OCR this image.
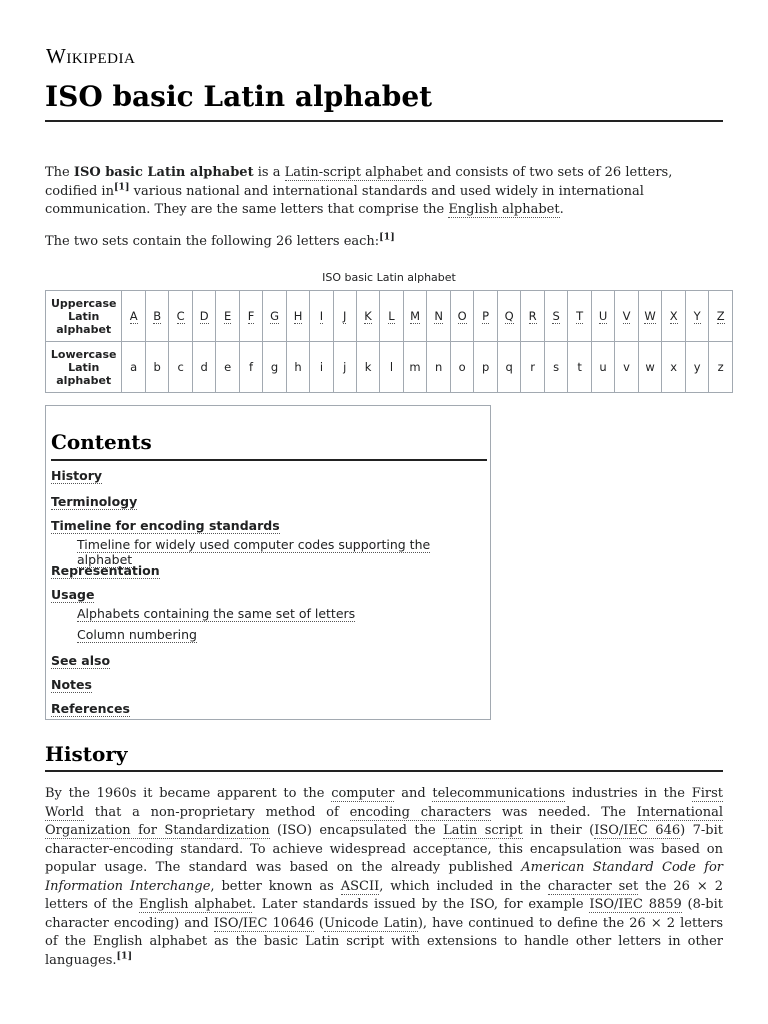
Wikipedia
ISO basic Latin alphabet

The ISO basic Latin alphabet is a Latin-script alphabet and consists of two sets of 26 letters, codified in[1] various national and international standards and used widely in international communication. They are the same letters that comprise the English alphabet.

The two sets contain the following 26 letters each:[1]

ISO basic Latin alphabet
Uppercase Latin alphabet	A	B	C	D	E	F	G	H	I	J	K	L	M	N	O	P	Q	R	S	T	U	V	W	X	Y	Z
Lowercase Latin alphabet	a	b	c	d	e	f	g	h	i	j	k	l	m	n	o	p	q	r	s	t	u	v	w	x	y	z
Contents
History
Terminology
Timeline for encoding standards
Timeline for widely used computer codes supporting the alphabet
Representation
Usage
Alphabets containing the same set of letters
Column numbering
See also
Notes
References
History

By the 1960s it became apparent to the computer and telecommunications industries in the First World that a non-proprietary method of encoding characters was needed. The International Organization for Standardization (ISO) encapsulated the Latin script in their (ISO/IEC 646) 7-bit character-encoding standard. To achieve widespread acceptance, this encapsulation was based on popular usage. The standard was based on the already published American Standard Code for Information Interchange, better known as ASCII, which included in the character set the 26 × 2 letters of the English alphabet. Later standards issued by the ISO, for example ISO/IEC 8859 (8-bit character encoding) and ISO/IEC 10646 (Unicode Latin), have continued to define the 26 × 2 letters of the English alphabet as the basic Latin script with extensions to handle other letters in other languages.[1]
